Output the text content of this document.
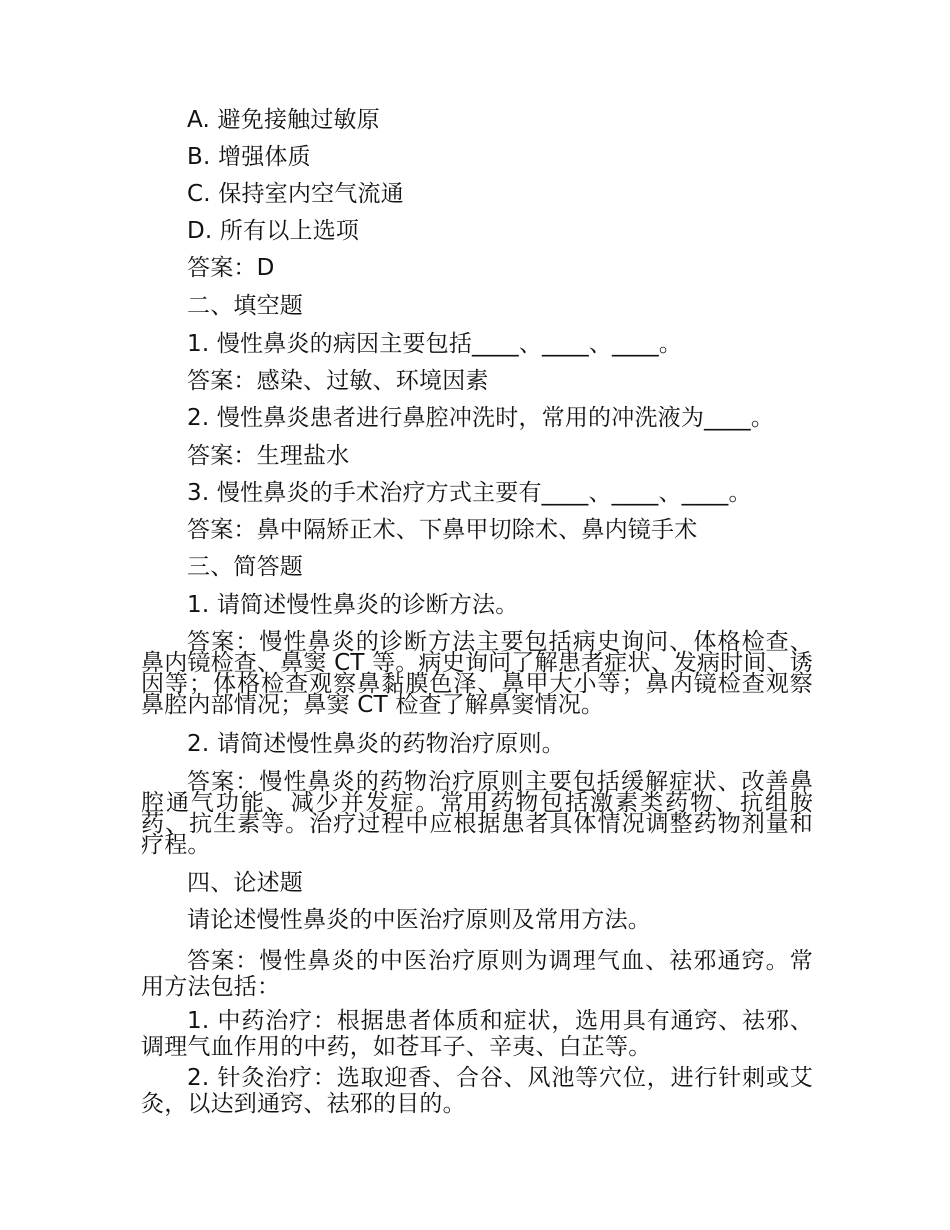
A. 避免接触过敏原
B. 增强体质
C. 保持室内空气流通
D. 所有以上选项
答案：D
二、填空题
1. 慢性鼻炎的病因主要包括____、____、____。
答案：感染、过敏、环境因素
2. 慢性鼻炎患者进行鼻腔冲洗时，常用的冲洗液为____。
答案：生理盐水
3. 慢性鼻炎的手术治疗方式主要有____、____、____。
答案：鼻中隔矫正术、下鼻甲切除术、鼻内镜手术
三、简答题
1. 请简述慢性鼻炎的诊断方法。
答案：慢性鼻炎的诊断方法主要包括病史询问、体格检查、鼻内镜检查、鼻窦 CT 等。病史询问了解患者症状、发病时间、诱因等；体格检查观察鼻黏膜色泽、鼻甲大小等；鼻内镜检查观察鼻腔内部情况；鼻窦 CT 检查了解鼻窦情况。
2. 请简述慢性鼻炎的药物治疗原则。
答案：慢性鼻炎的药物治疗原则主要包括缓解症状、改善鼻腔通气功能、减少并发症。常用药物包括激素类药物、抗组胺药、抗生素等。治疗过程中应根据患者具体情况调整药物剂量和疗程。
四、论述题
请论述慢性鼻炎的中医治疗原则及常用方法。
答案：慢性鼻炎的中医治疗原则为调理气血、祛邪通窍。常用方法包括：
1. 中药治疗：根据患者体质和症状，选用具有通窍、祛邪、调理气血作用的中药，如苍耳子、辛夷、白芷等。
2. 针灸治疗：选取迎香、合谷、风池等穴位，进行针刺或艾灸，以达到通窍、祛邪的目的。
